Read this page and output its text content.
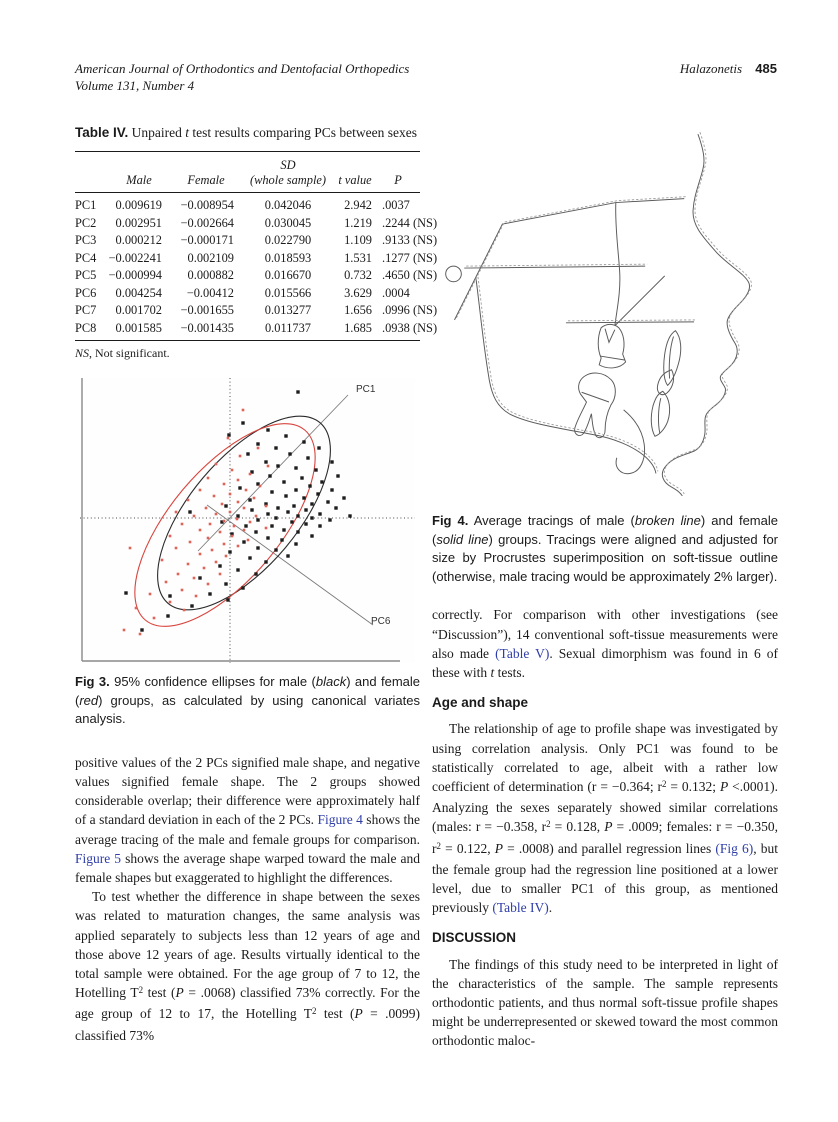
American Journal of Orthodontics and Dentofacial Orthopedics
Volume 131, Number 4
Halazonetis 485
Table IV. Unpaired t test results comparing PCs between sexes
	Male	Female	SD
(whole sample)	t value	P
PC1	0.009619	−0.008954	0.042046	2.942	.0037
PC2	0.002951	−0.002664	0.030045	1.219	.2244 (NS)
PC3	0.000212	−0.000171	0.022790	1.109	.9133 (NS)
PC4	−0.002241	0.002109	0.018593	1.531	.1277 (NS)
PC5	−0.000994	0.000882	0.016670	0.732	.4650 (NS)
PC6	0.004254	−0.00412	0.015566	3.629	.0004
PC7	0.001702	−0.001655	0.013277	1.656	.0996 (NS)
PC8	0.001585	−0.001435	0.011737	1.685	.0938 (NS)

NS, Not significant.

PC1
PC6

Fig 3. 95% confidence ellipses for male (black) and female (red) groups, as calculated by using canonical variates analysis.

positive values of the 2 PCs signified male shape, and negative values signified female shape. The 2 groups showed considerable overlap; their difference were approximately half of a standard deviation in each of the 2 PCs. Figure 4 shows the average tracing of the male and female groups for comparison. Figure 5 shows the average shape warped toward the male and female shapes but exaggerated to highlight the differences.

To test whether the difference in shape between the sexes was related to maturation changes, the same analysis was applied separately to subjects less than 12 years of age and those above 12 years of age. Results virtually identical to the total sample were obtained. For the age group of 7 to 12, the Hotelling $T^2$ test (P = .0068) classified 73% correctly. For the age group of 12 to 17, the Hotelling $T^2$ test (P = .0099) classified 73%

Fig 4. Average tracings of male (broken line) and female (solid line) groups. Tracings were aligned and adjusted for size by Procrustes superimposition on soft-tissue outline (otherwise, male tracing would be approximately 2% larger).

correctly. For comparison with other investigations (see “Discussion”), 14 conventional soft-tissue measurements were also made (Table V). Sexual dimorphism was found in 6 of these with t tests.

Age and shape

The relationship of age to profile shape was investigated by using correlation analysis. Only PC1 was found to be statistically correlated to age, albeit with a rather low coefficient of determination (r = −0.364; $r^2 = 0.132$; P <.0001). Analyzing the sexes separately showed similar correlations (males: r = −0.358, $r^2 = 0.128$, P = .0009; females: r = −0.350, $r^2 = 0.122$, P = .0008) and parallel regression lines (Fig 6), but the female group had the regression line positioned at a lower level, due to smaller PC1 of this group, as mentioned previously (Table IV).

DISCUSSION

The findings of this study need to be interpreted in light of the characteristics of the sample. The sample represents orthodontic patients, and thus normal soft-tissue profile shapes might be underrepresented or skewed toward the most common orthodontic maloc-
